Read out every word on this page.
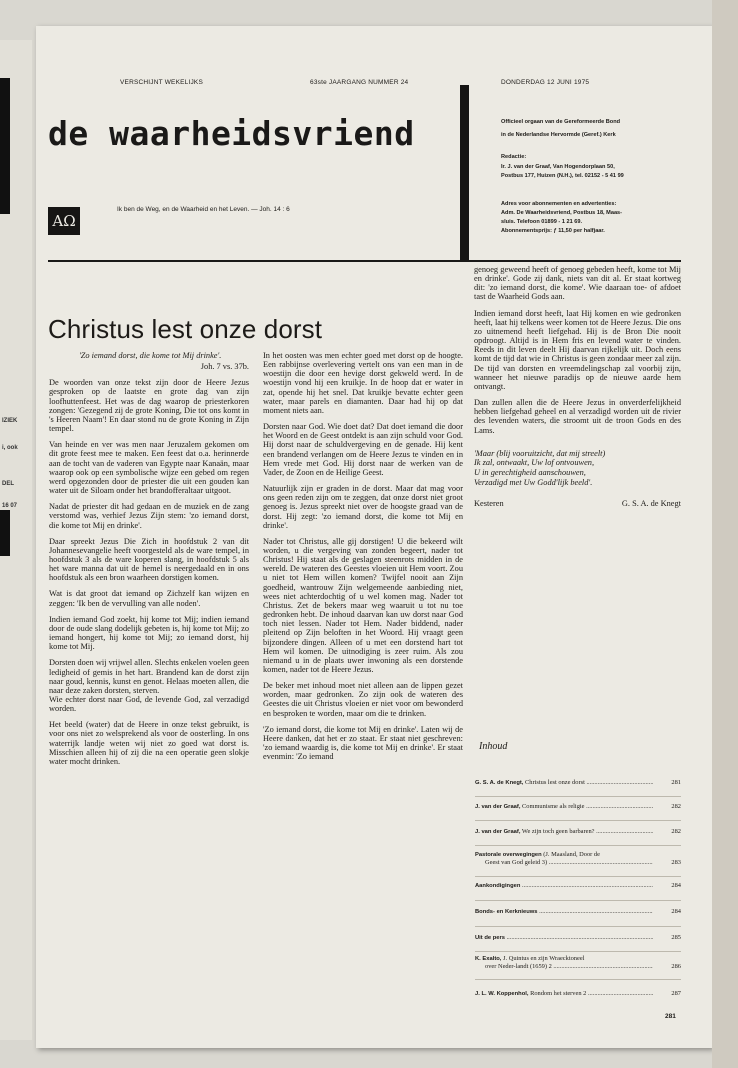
IZIEK
i, ook
DEL
16 07
VERSCHIJNT WEKELIJKS	63ste JAARGANG NUMMER 24	DONDERDAG 12 JUNI 1975
de waarheidsvriend
AΩ
Ik ben de Weg, en de Waarheid en het Leven. — Joh. 14 : 6
Officieel orgaan van de Gereformeerde Bond
in de Nederlandse Hervormde (Geref.) Kerk
Redactie:
Ir. J. van der Graaf, Van Hogendorplaan 50,
Postbus 177, Huizen (N.H.), tel. 02152 - 5 41 99
Adres voor abonnementen en advertenties:
Adm. De Waarheidsvriend, Postbus 18, Maas-
sluis. Telefoon 01899 - 1 21 69.
Abonnementsprijs: ƒ 11,50 per halfjaar.
Christus lest onze dorst
'Zo iemand dorst, die kome tot Mij drinke'.
Joh. 7 vs. 37b.

De woorden van onze tekst zijn door de Heere Jezus gesproken op de laatste en grote dag van zijn loofhuttenfeest. Het was de dag waarop de priesterkoren zongen: 'Gezegend zij de grote Koning, Die tot ons komt in 's Heeren Naam'! En daar stond nu de grote Koning in Zijn tempel.

Van heinde en ver was men naar Jeruzalem gekomen om dit grote feest mee te maken. Een feest dat o.a. herinnerde aan de tocht van de vaderen van Egypte naar Kanaän, maar waarop ook op een symbolische wijze een gebed om regen werd opgezonden door de priester die uit een gouden kan water uit de Siloam onder het brandofferaltaar uitgoot.

Nadat de priester dit had gedaan en de muziek en de zang verstomd was, verhief Jezus Zijn stem: 'zo iemand dorst, die kome tot Mij en drinke'.

Daar spreekt Jezus Die Zich in hoofdstuk 2 van dit Johannesevangelie heeft voorgesteld als de ware tempel, in hoofdstuk 3 als de ware koperen slang, in hoofdstuk 5 als het ware manna dat uit de hemel is neergedaald en in ons hoofdstuk als een bron waarheen dorstigen komen.

Wat is dat groot dat iemand op Zichzelf kan wijzen en zeggen: 'Ik ben de vervulling van alle noden'.

Indien iemand God zoekt, hij kome tot Mij; indien iemand door de oude slang dodelijk gebeten is, hij kome tot Mij; zo iemand hongert, hij kome tot Mij; zo iemand dorst, hij kome tot Mij.

Dorsten doen wij vrijwel allen. Slechts enkelen voelen geen ledigheid of gemis in het hart. Brandend kan de dorst zijn naar goud, kennis, kunst en genot. Helaas moeten allen, die naar deze zaken dorsten, sterven.

Wie echter dorst naar God, de levende God, zal verzadigd worden.

Het beeld (water) dat de Heere in onze tekst gebruikt, is voor ons niet zo welsprekend als voor de oosterling. In ons waterrijk landje weten wij niet zo goed wat dorst is. Misschien alleen hij of zij die na een operatie geen slokje water mocht drinken.

In het oosten was men echter goed met dorst op de hoogte. Een rabbijnse overlevering vertelt ons van een man in de woestijn die door een hevige dorst gekweld werd. In de woestijn vond hij een kruikje. In de hoop dat er water in zat, opende hij het snel. Dat kruikje bevatte echter geen water, maar parels en diamanten. Daar had hij op dat moment niets aan.

Dorsten naar God. Wie doet dat? Dat doet iemand die door het Woord en de Geest ontdekt is aan zijn schuld voor God. Hij dorst naar de schuldvergeving en de genade. Hij kent een brandend verlangen om de Heere Jezus te vinden en in Hem vrede met God. Hij dorst naar de werken van de Vader, de Zoon en de Heilige Geest.

Natuurlijk zijn er graden in de dorst. Maar dat mag voor ons geen reden zijn om te zeggen, dat onze dorst niet groot genoeg is. Jezus spreekt niet over de hoogste graad van de dorst. Hij zegt: 'zo iemand dorst, die kome tot Mij en drinke'.

Nader tot Christus, alle gij dorstigen! U die bekeerd wilt worden, u die vergeving van zonden begeert, nader tot Christus! Hij staat als de geslagen steenrots midden in de wereld. De wateren des Geestes vloeien uit Hem voort. Zou u niet tot Hem willen komen? Twijfel nooit aan Zijn goedheid, wantrouw Zijn welgemeende aanbieding niet, wees niet achterdochtig of u wel komen mag. Nader tot Christus. Zet de bekers maar weg waaruit u tot nu toe gedronken hebt. De inhoud daarvan kan uw dorst naar God toch niet lessen. Nader tot Hem. Nader biddend, nader pleitend op Zijn beloften in het Woord. Hij vraagt geen bijzondere dingen. Alleen of u met een dorstend hart tot Hem wil komen. De uitnodiging is zeer ruim. Als zou niemand u in de plaats uwer inwoning als een dorstende komen, nader tot de Heere Jezus.

De beker met inhoud moet niet alleen aan de lippen gezet worden, maar gedronken. Zo zijn ook de wateren des Geestes die uit Christus vloeien er niet voor om bewonderd en besproken te worden, maar om die te drinken.

'Zo iemand dorst, die kome tot Mij en drinke'. Laten wij de Heere danken, dat het er zo staat. Er staat niet geschreven: 'zo iemand waardig is, die kome tot Mij en drinke'. Er staat evenmin: 'Zo iemand

genoeg geweend heeft of genoeg gebeden heeft, kome tot Mij en drinke'. Gode zij dank, niets van dit al. Er staat kortweg dit: 'zo iemand dorst, die kome'. Wie daaraan toe- of afdoet tast de Waarheid Gods aan.

Indien iemand dorst heeft, laat Hij komen en wie gedronken heeft, laat hij telkens weer komen tot de Heere Jezus. Die ons zo uitnemend heeft liefgehad. Hij is de Bron Die nooit opdroogt. Altijd is in Hem fris en levend water te vinden. Reeds in dit leven deelt Hij daarvan rijkelijk uit. Doch eens komt de tijd dat wie in Christus is geen zondaar meer zal zijn. De tijd van dorsten en vreemdelingschap zal voorbij zijn, wanneer het nieuwe paradijs op de nieuwe aarde hem ontvangt.

Dan zullen allen die de Heere Jezus in onverderfelijkheid hebben liefgehad geheel en al verzadigd worden uit de rivier des levenden waters, die stroomt uit de troon Gods en des Lams.

'Maar (blij vooruitzicht, dat mij streelt)
Ik zal, ontwaakt, Uw lof ontvouwen,
U in gerechtigheid aanschouwen,
Verzadigd met Uw Godd'lijk beeld'.
Kesteren	G. S. A. de Knegt
Inhoud
G. S. A. de Knegt, Christus lest onze dorst .....	281
J. van der Graaf, Communisme als religie .....	282
J. van der Graaf, We zijn toch geen barbaren? .....	282
Pastorale overwegingen (J. Maasland, Door de
Geest van God geleid 3) .....	283
Aankondigingen .....	284
Bonds- en Kerknieuws .....	284
Uit de pers .....	285
K. Exalto, J. Quintus en zijn Wraecktoneel
over Neder-landt (1659) 2 .....	286
J. L. W. Koppenhol, Rondom het sterven 2 .....	287
281
